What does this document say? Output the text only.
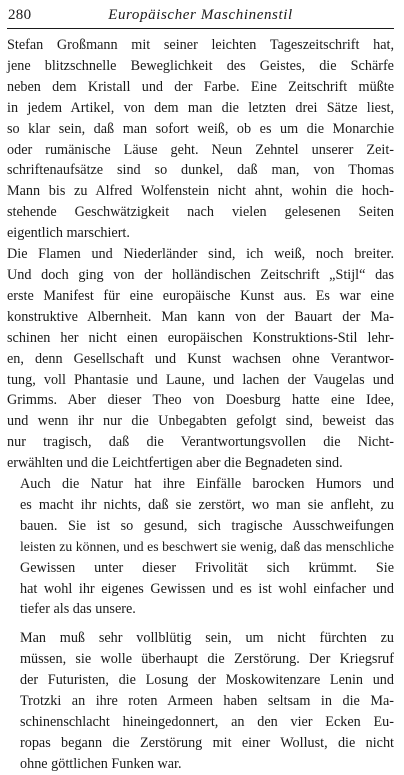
280	Europäischer Maschinenstil

Stefan Großmann mit seiner leichten Tageszeitschrift hat,
jene blitzschnelle Beweglichkeit des Geistes, die Schärfe
neben dem Kristall und der Farbe. Eine Zeitschrift müßte
in jedem Artikel, von dem man die letzten drei Sätze liest,
so klar sein, daß man sofort weiß, ob es um die Monarchie
oder rumänische Läuse geht. Neun Zehntel unserer Zeit-
schriftenaufsätze sind so dunkel, daß man, von Thomas
Mann bis zu Alfred Wolfenstein nicht ahnt, wohin die hoch-
stehende Geschwätzigkeit nach vielen gelesenen Seiten
eigentlich marschiert.

Die Flamen und Niederländer sind, ich weiß, noch breiter.
Und doch ging von der holländischen Zeitschrift „Stijl“ das
erste Manifest für eine europäische Kunst aus. Es war eine
konstruktive Albernheit. Man kann von der Bauart der Ma-
schinen her nicht einen europäischen Konstruktions-Stil lehr-
en, denn Gesellschaft und Kunst wachsen ohne Verantwor-
tung, voll Phantasie und Laune, und lachen der Vaugelas und
Grimms. Aber dieser Theo von Doesburg hatte eine Idee,
und wenn ihr nur die Unbegabten gefolgt sind, beweist das
nur tragisch, daß die Verantwortungsvollen die Nicht-
erwählten und die Leichtfertigen aber die Begnadeten sind.

Auch die Natur hat ihre Einfälle barocken Humors und
es macht ihr nichts, daß sie zerstört, wo man sie anfleht, zu
bauen. Sie ist so gesund, sich tragische Ausschweifungen
leisten zu können, und es beschwert sie wenig, daß das menschliche
Gewissen unter dieser Frivolität sich krümmt. Sie
hat wohl ihr eigenes Gewissen und es ist wohl einfacher und
tiefer als das unsere.

Man muß sehr vollblütig sein, um nicht fürchten zu
müssen, sie wolle überhaupt die Zerstörung. Der Kriegsruf
der Futuristen, die Losung der Moskowitenzare Lenin und
Trotzki an ihre roten Armeen haben seltsam in die Ma-
schinenschlacht hineingedonnert, an den vier Ecken Eu-
ropas begann die Zerstörung mit einer Wollust, die nicht
ohne göttlichen Funken war.
